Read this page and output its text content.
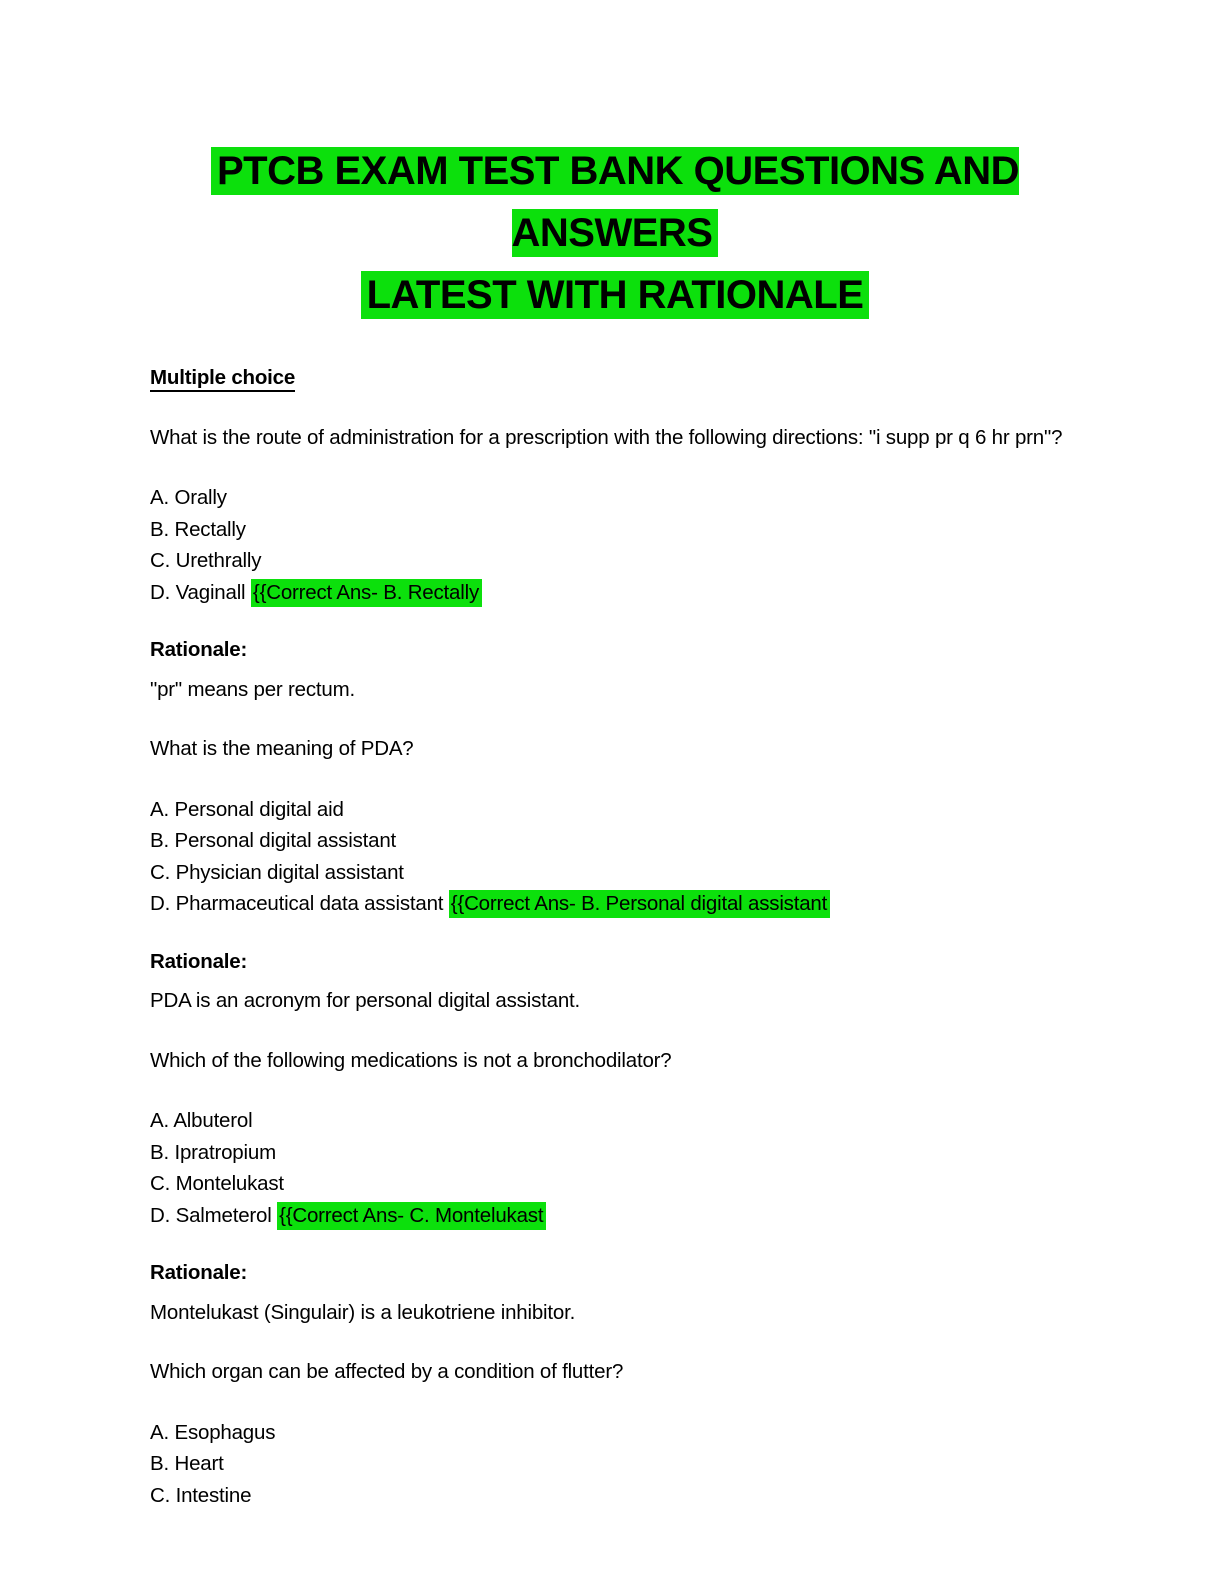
PTCB EXAM TEST BANK QUESTIONS AND ANSWERS
LATEST WITH RATIONALE
Multiple choice
What is the route of administration for a prescription with the following directions: "i supp pr q 6 hr prn"?
A. Orally
B. Rectally
C. Urethrally
D. Vaginall {{Correct Ans- B. Rectally
Rationale:
"pr" means per rectum.
What is the meaning of PDA?
A. Personal digital aid
B. Personal digital assistant
C. Physician digital assistant
D. Pharmaceutical data assistant {{Correct Ans- B. Personal digital assistant
Rationale:
PDA is an acronym for personal digital assistant.
Which of the following medications is not a bronchodilator?
A. Albuterol
B. Ipratropium
C. Montelukast
D. Salmeterol {{Correct Ans- C. Montelukast
Rationale:
Montelukast (Singulair) is a leukotriene inhibitor.
Which organ can be affected by a condition of flutter?
A. Esophagus
B. Heart
C. Intestine
